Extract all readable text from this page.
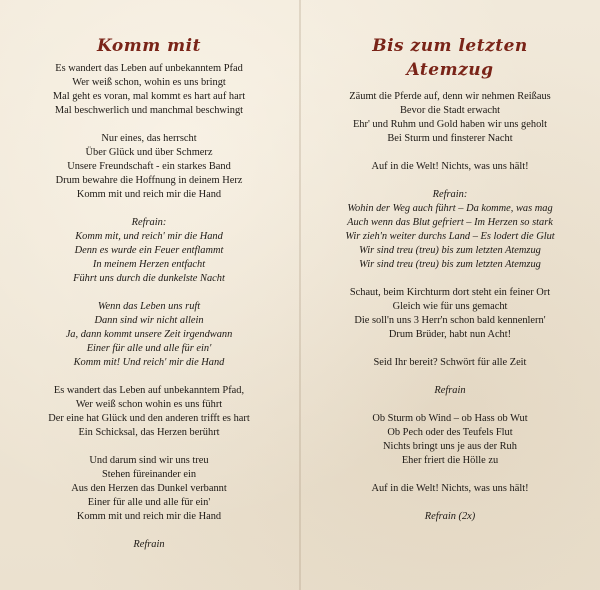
Komm mit
Es wandert das Leben auf unbekanntem Pfad
Wer weiß schon, wohin es uns bringt
Mal geht es voran, mal kommt es hart auf hart
Mal beschwerlich und manchmal beschwingt
Nur eines, das herrscht
Über Glück und über Schmerz
Unsere Freundschaft - ein starkes Band
Drum bewahre die Hoffnung in deinem Herz
Komm mit und reich mir die Hand
Refrain:
Komm mit, und reich' mir die Hand
Denn es wurde ein Feuer entflammt
In meinem Herzen entfacht
Führt uns durch die dunkelste Nacht
Wenn das Leben uns ruft
Dann sind wir nicht allein
Ja, dann kommt unsere Zeit irgendwann
Einer für alle und alle für ein'
Komm mit! Und reich' mir die Hand
Es wandert das Leben auf unbekanntem Pfad,
Wer weiß schon wohin es uns führt
Der eine hat Glück und den anderen trifft es hart
Ein Schicksal, das Herzen berührt
Und darum sind wir uns treu
Stehen füreinander ein
Aus den Herzen das Dunkel verbannt
Einer für alle und alle für ein'
Komm mit und reich mir die Hand
Refrain
Bis zum letzten
Atemzug
Zäumt die Pferde auf, denn wir nehmen Reißaus
Bevor die Stadt erwacht
Ehr' und Ruhm und Gold haben wir uns geholt
Bei Sturm und finsterer Nacht
Auf in die Welt! Nichts, was uns hält!
Refrain:
Wohin der Weg auch führt – Da komme, was mag
Auch wenn das Blut gefriert – Im Herzen so stark
Wir zieh'n weiter durchs Land – Es lodert die Glut
Wir sind treu (treu) bis zum letzten Atemzug
Wir sind treu (treu) bis zum letzten Atemzug
Schaut, beim Kirchturm dort steht ein feiner Ort
Gleich wie für uns gemacht
Die soll'n uns 3 Herr'n schon bald kennenlern'
Drum Brüder, habt nun Acht!
Seid Ihr bereit? Schwört für alle Zeit
Refrain
Ob Sturm ob Wind – ob Hass ob Wut
Ob Pech oder des Teufels Flut
Nichts bringt uns je aus der Ruh
Eher friert die Hölle zu
Auf in die Welt! Nichts, was uns hält!
Refrain (2x)
